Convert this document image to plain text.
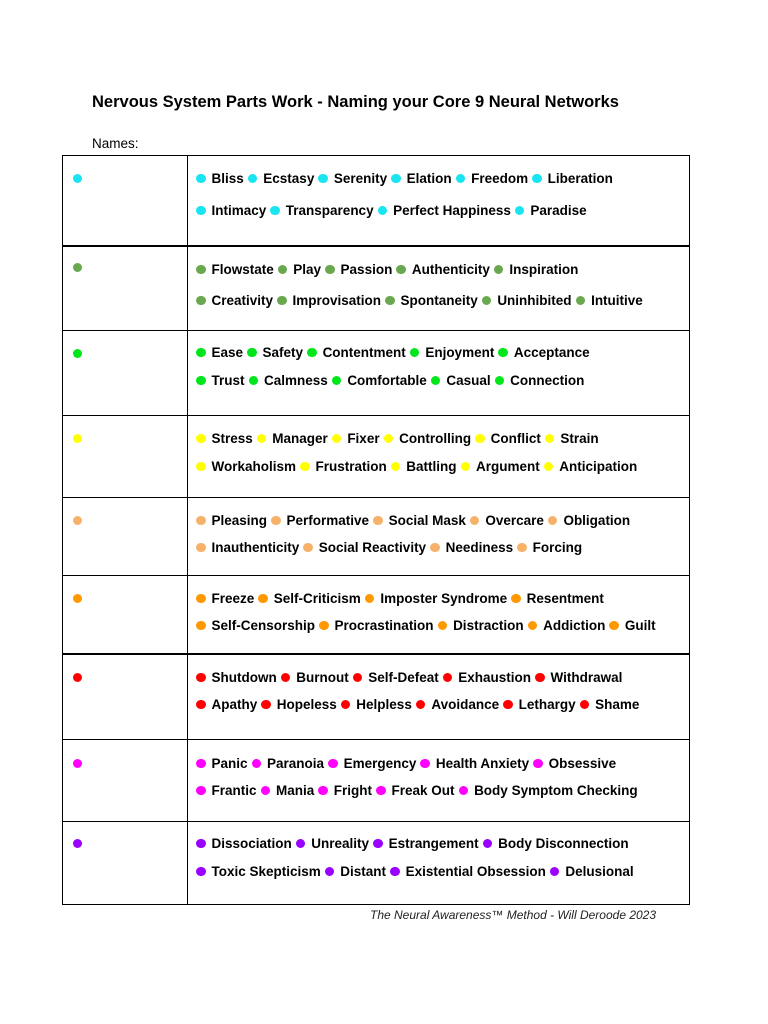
Nervous System Parts Work - Naming your Core 9 Neural Networks
Names:
Bliss Ecstasy Serenity Elation Freedom Liberation
Intimacy Transparency Perfect Happiness Paradise
Flowstate Play Passion Authenticity Inspiration
Creativity Improvisation Spontaneity Uninhibited Intuitive
Ease Safety Contentment Enjoyment Acceptance
Trust Calmness Comfortable Casual Connection
Stress Manager Fixer Controlling Conflict Strain
Workaholism Frustration Battling Argument Anticipation
Pleasing Performative Social Mask Overcare Obligation
Inauthenticity Social Reactivity Neediness Forcing
Freeze Self-Criticism Imposter Syndrome Resentment
Self-Censorship Procrastination Distraction Addiction Guilt
Shutdown Burnout Self-Defeat Exhaustion Withdrawal
Apathy Hopeless Helpless Avoidance Lethargy Shame
Panic Paranoia Emergency Health Anxiety Obsessive
Frantic Mania Fright Freak Out Body Symptom Checking
Dissociation Unreality Estrangement Body Disconnection
Toxic Skepticism Distant Existential Obsession Delusional
The Neural Awareness™ Method - Will Deroode 2023
